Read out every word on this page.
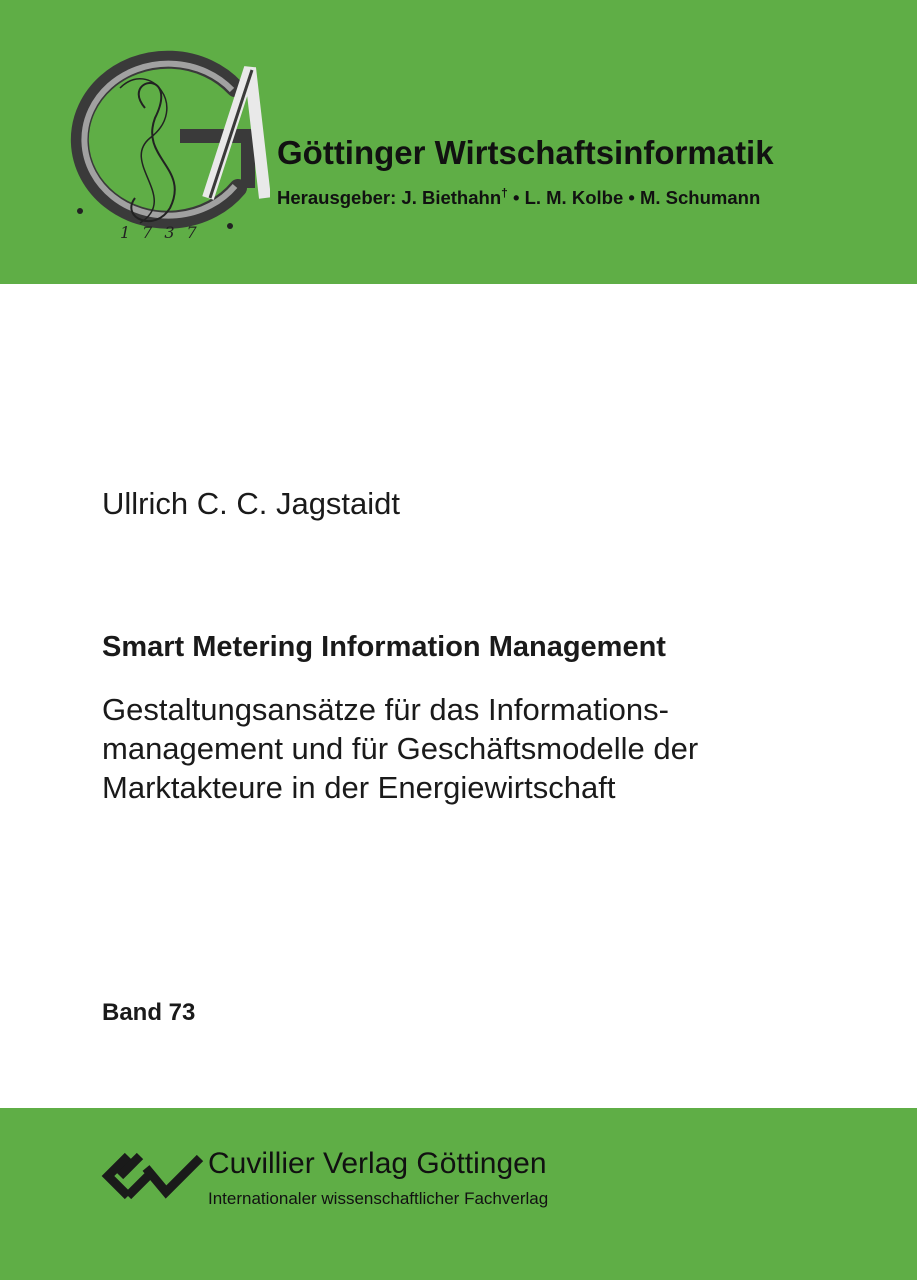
1737
Göttinger Wirtschaftsinformatik
Herausgeber: J. Biethahn† • L. M. Kolbe • M. Schumann
Ullrich C. C. Jagstaidt
Smart Metering Information Management
Gestaltungsansätze für das Informations-
management und für Geschäftsmodelle der
Marktakteure in der Energiewirtschaft
Band 73
Cuvillier Verlag Göttingen
Internationaler wissenschaftlicher Fachverlag
